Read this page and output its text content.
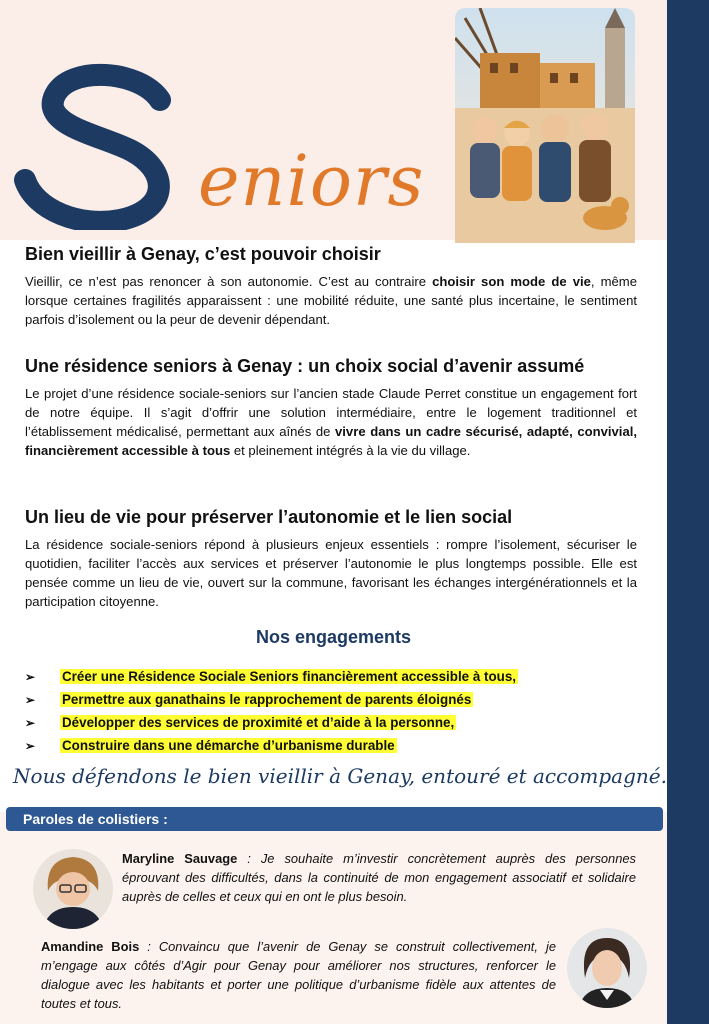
eniors
Bien vieillir à Genay, c’est pouvoir choisir

Vieillir, ce n’est pas renoncer à son autonomie. C’est au contraire choisir son mode de vie, même lorsque certaines fragilités apparaissent : une mobilité réduite, une santé plus incertaine, le sentiment parfois d’isolement ou la peur de devenir dépendant.

Une résidence seniors à Genay : un choix social d’avenir assumé

Le projet d’une résidence sociale-seniors sur l’ancien stade Claude Perret constitue un engagement fort de notre équipe. Il s’agit d’offrir une solution intermédiaire, entre le logement traditionnel et l’établissement médicalisé, permettant aux aînés de vivre dans un cadre sécurisé, adapté, convivial, financièrement accessible à tous et pleinement intégrés à la vie du village.

Un lieu de vie pour préserver l’autonomie et le lien social

La résidence sociale-seniors répond à plusieurs enjeux essentiels : rompre l’isolement, sécuriser le quotidien, faciliter l’accès aux services et préserver l’autonomie le plus longtemps possible. Elle est pensée comme un lieu de vie, ouvert sur la commune, favorisant les échanges intergénérationnels et la participation citoyenne.

Nos engagements
➢	Créer une Résidence Sociale Seniors financièrement accessible à tous,
➢	Permettre aux ganathains le rapprochement de parents éloignés
➢	Développer des services de proximité et d’aide à la personne,
➢	Construire dans une démarche d’urbanisme durable
Nous défendons le bien vieillir à Genay, entouré et accompagné.
Paroles de colistiers :
Maryline Sauvage : Je souhaite m’investir concrètement auprès des personnes éprouvant des difficultés, dans la continuité de mon engagement associatif et solidaire auprès de celles et ceux qui en ont le plus besoin.
Amandine Bois : Convaincu que l’avenir de Genay se construit collectivement, je m’engage aux côtés d’Agir pour Genay pour améliorer nos structures, renforcer le dialogue avec les habitants et porter une politique d’urbanisme fidèle aux attentes de toutes et tous.
